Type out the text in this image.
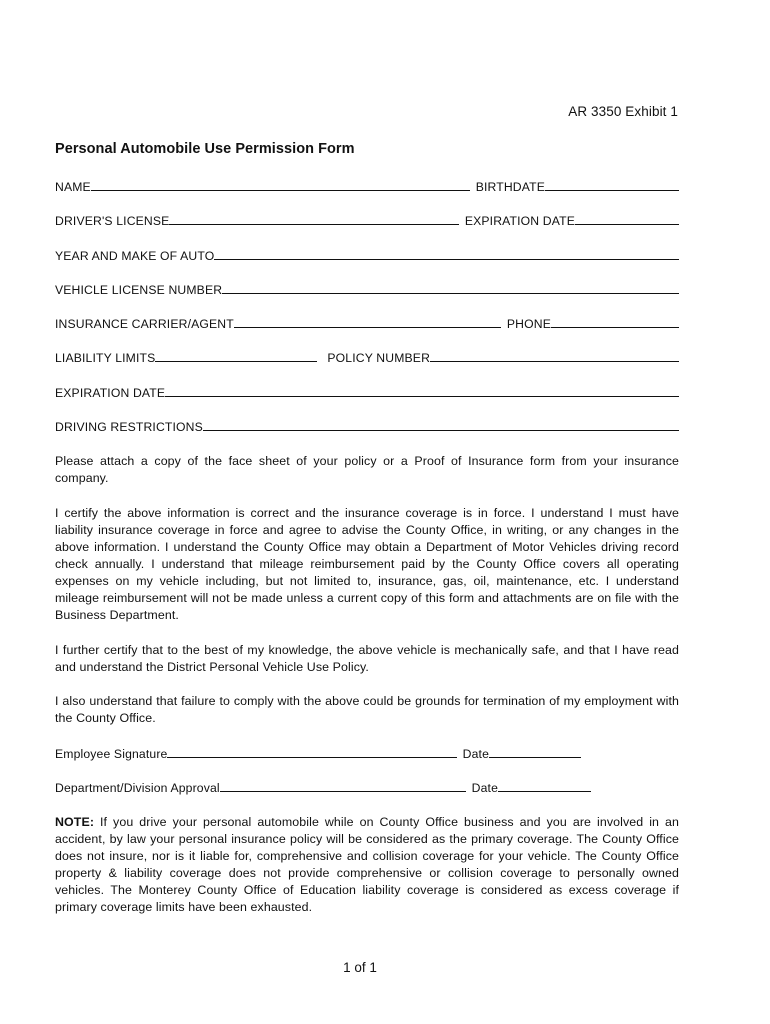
AR 3350 Exhibit 1
Personal Automobile Use Permission Form
NAME	BIRTHDATE
DRIVER'S LICENSE	EXPIRATION DATE
YEAR AND MAKE OF AUTO
VEHICLE LICENSE NUMBER
INSURANCE CARRIER/AGENT	PHONE
LIABILITY LIMITS	POLICY NUMBER
EXPIRATION DATE
DRIVING RESTRICTIONS
Please attach a copy of the face sheet of your policy or a Proof of Insurance form from your insurance company.
I certify the above information is correct and the insurance coverage is in force. I understand I must have liability insurance coverage in force and agree to advise the County Office, in writing, or any changes in the above information. I understand the County Office may obtain a Department of Motor Vehicles driving record check annually. I understand that mileage reimbursement paid by the County Office covers all operating expenses on my vehicle including, but not limited to, insurance, gas, oil, maintenance, etc. I understand mileage reimbursement will not be made unless a current copy of this form and attachments are on file with the Business Department.
I further certify that to the best of my knowledge, the above vehicle is mechanically safe, and that I have read and understand the District Personal Vehicle Use Policy.
I also understand that failure to comply with the above could be grounds for termination of my employment with the County Office.
Employee Signature	Date
Department/Division Approval	Date
NOTE: If you drive your personal automobile while on County Office business and you are involved in an accident, by law your personal insurance policy will be considered as the primary coverage. The County Office does not insure, nor is it liable for, comprehensive and collision coverage for your vehicle. The County Office property & liability coverage does not provide comprehensive or collision coverage to personally owned vehicles. The Monterey County Office of Education liability coverage is considered as excess coverage if primary coverage limits have been exhausted.
1 of 1
